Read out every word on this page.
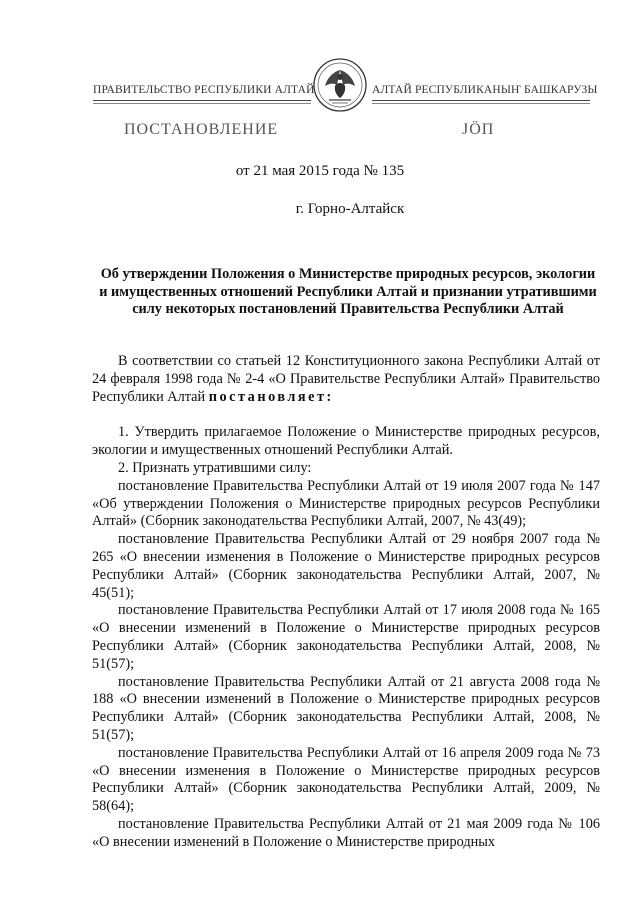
ПРАВИТЕЛЬСТВО РЕСПУБЛИКИ АЛТАЙ	АЛТАЙ РЕСПУБЛИКАНЫҤ БАШКАРУЗЫ
ПОСТАНОВЛЕНИЕ	JӦП
от 21 мая 2015 года № 135
г. Горно-Алтайск
Об утверждении Положения о Министерстве природных ресурсов, экологии и имущественных отношений Республики Алтай и признании утратившими силу некоторых постановлений Правительства Республики Алтай

В соответствии со статьей 12 Конституционного закона Республики Алтай от 24 февраля 1998 года № 2-4 «О Правительстве Республики Алтай» Правительство Республики Алтай постановляет:

1. Утвердить прилагаемое Положение о Министерстве природных ресурсов, экологии и имущественных отношений Республики Алтай.

2. Признать утратившими силу:

постановление Правительства Республики Алтай от 19 июля 2007 года № 147 «Об утверждении Положения о Министерстве природных ресурсов Республики Алтай» (Сборник законодательства Республики Алтай, 2007, № 43(49);

постановление Правительства Республики Алтай от 29 ноября 2007 года № 265 «О внесении изменения в Положение о Министерстве природных ресурсов Республики Алтай» (Сборник законодательства Республики Алтай, 2007, № 45(51);

постановление Правительства Республики Алтай от 17 июля 2008 года № 165 «О внесении изменений в Положение о Министерстве природных ресурсов Республики Алтай» (Сборник законодательства Республики Алтай, 2008, № 51(57);

постановление Правительства Республики Алтай от 21 августа 2008 года № 188 «О внесении изменений в Положение о Министерстве природных ресурсов Республики Алтай» (Сборник законодательства Республики Алтай, 2008, № 51(57);

постановление Правительства Республики Алтай от 16 апреля 2009 года № 73 «О внесении изменения в Положение о Министерстве природных ресурсов Республики Алтай» (Сборник законодательства Республики Алтай, 2009, № 58(64);

постановление Правительства Республики Алтай от 21 мая 2009 года № 106 «О внесении изменений в Положение о Министерстве природных
